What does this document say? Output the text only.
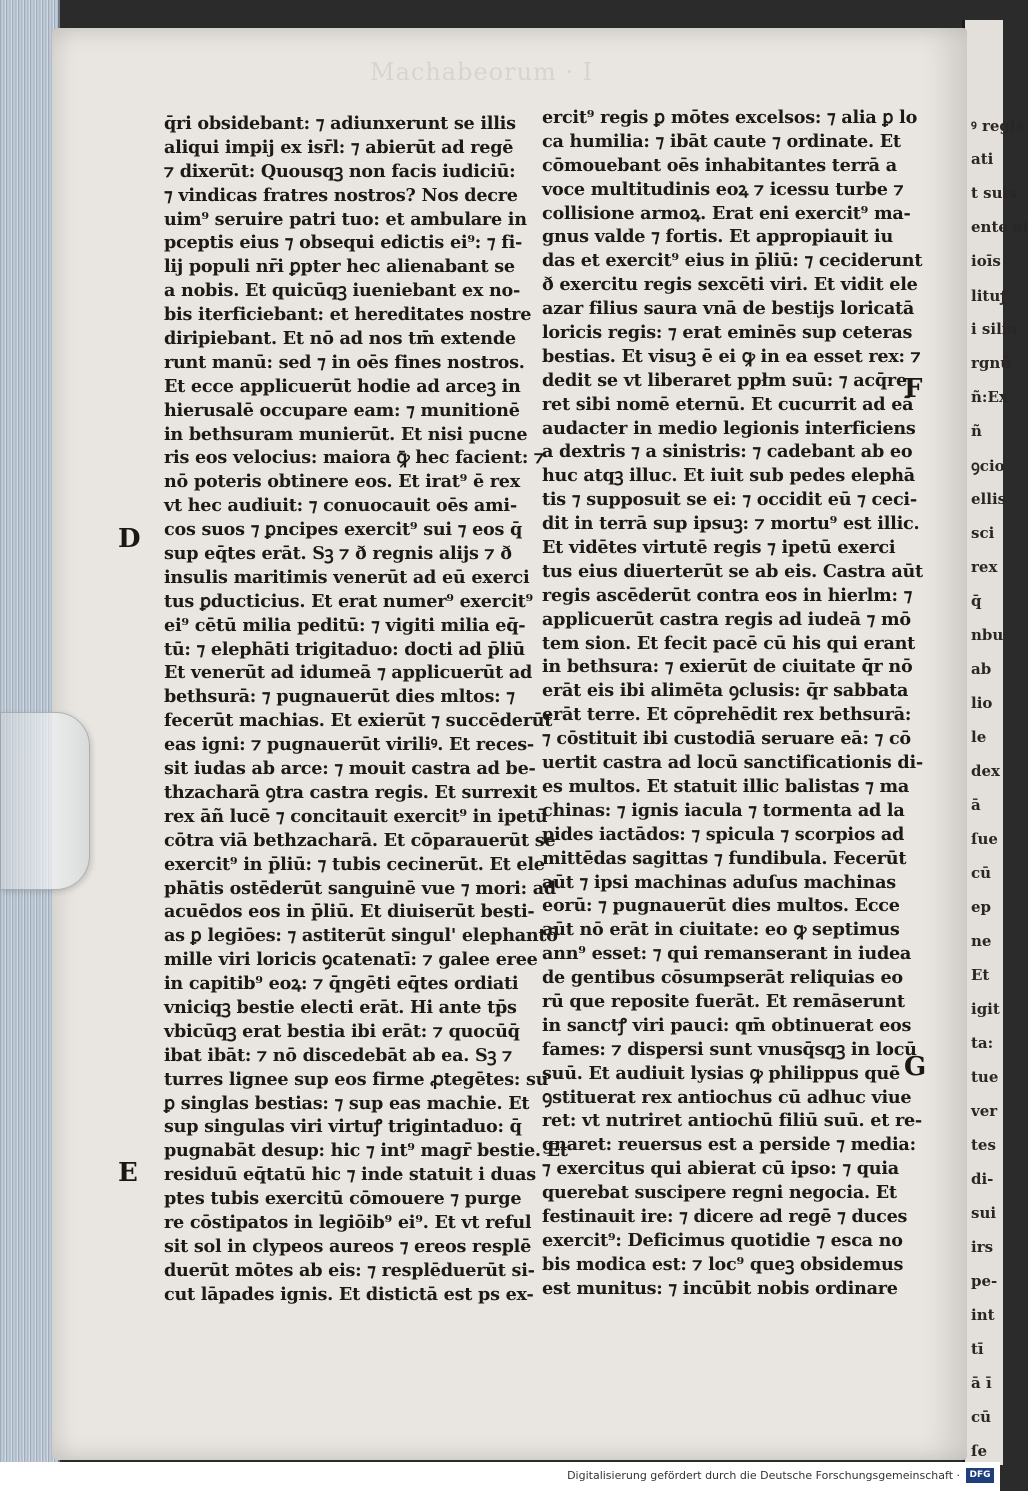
ꝰ regis
ati
t suis
ente ei
ioīs
lituꝭ
i silia
rgnū
ñ:Ex
ñ
ꝯcio
ellis
sci
rex
q̄
nbu
ab
lio
le
dex
ā
ſue
cū
ep
ne
Et
igit
ta:
tue
ver
tes
di-
sui
irs
pe-
int
tī
ā ī
cū
ſe
Machabeorum · I
q̄ri obsidebant: ⁊ adiunxerunt se illis
aliqui impij ex isr̄l: ⁊ abierūt ad regē
⁊ dixerūt: Quousqꝫ non facis iudiciū:
⁊ vindicas fratres nostros? Nos decre
uim⁹ seruire patri tuo: et ambulare in
pceptis eius ⁊ obsequi edictis ei⁹: ⁊ fi-
lij populi nr̄i ꝑpter hec alienabant se
a nobis. Et quicūqꝫ iueniebant ex no-
bis iterficiebant: et hereditates nostre
diripiebant. Et nō ad nos tm̄ extende
runt manū: sed ⁊ in oēs fines nostros.
Et ecce applicuerūt hodie ad arceꝫ in
hierusalē occupare eam: ⁊ munitionē
in bethsuram munierūt. Et nisi pucne
ris eos velocius: maiora ꝙ̄ hec facient: ⁊
nō poteris obtinere eos. Et irat⁹ ē rex
vt hec audiuit: ⁊ conuocauit oēs ami-
cos suos ⁊ ꝑncipes exercit⁹ sui ⁊ eos q̄
sup eq̄tes erāt. Sꝫ ⁊ ð regnis alijs ⁊ ð
insulis maritimis venerūt ad eū exerci
tus ꝑducticius. Et erat numer⁹ exercit⁹
ei⁹ cētū milia peditū: ⁊ vigiti milia eq̄-
tū: ⁊ elephāti trigitaduo: docti ad p̄liū
Et venerūt ad idumeā ⁊ applicuerūt ad
bethsurā: ⁊ pugnauerūt dies mltos: ⁊
fecerūt machias. Et exierūt ⁊ succēderūt
eas igni: ⁊ pugnauerūt viriliꝰ. Et reces-
sit iudas ab arce: ⁊ mouit castra ad be-
thzacharā ꝯtra castra regis. Et surrexit
rex āñ lucē ⁊ concitauit exercit⁹ in ipetū
cōtra viā bethzacharā. Et cōparauerūt se
exercit⁹ in p̄liū: ⁊ tubis cecinerūt. Et ele
phātis ostēderūt sanguinē vue ⁊ mori: ad
acuēdos eos in p̄liū. Et diuiserūt besti-
as ꝑ legiōes: ⁊ astiterūt singul' elephantō
mille viri loricis ꝯcatenatī: ⁊ galee eree
in capitib⁹ eoꝝ: ⁊ q̄ngēti eq̄tes ordiati
vniciqꝫ bestie electi erāt. Hi ante tp̄s
vbicūqꝫ erat bestia ibi erāt: ⁊ quocūq̄
ibat ibāt: ⁊ nō discedebāt ab ea. Sꝫ ⁊
turres lignee sup eos firme ꝓtegētes: su
ꝑ singlas bestias: ⁊ sup eas machie. Et
sup singulas viri virtuꝭ trigintaduo: q̄
pugnabāt desup: hic ⁊ int⁹ magr̄ bestie. Et
residuū eq̄tatū hic ⁊ inde statuit i duas
ptes tubis exercitū cōmouere ⁊ purge
re cōstipatos in legiōib⁹ ei⁹. Et vt reful
sit sol in clypeos aureos ⁊ ereos resplē
duerūt mōtes ab eis: ⁊ resplēduerūt si-
cut lāpades ignis. Et distictā est ps ex-
ercit⁹ regis ꝑ mōtes excelsos: ⁊ alia ꝑ lo
ca humilia: ⁊ ibāt caute ⁊ ordinate. Et
cōmouebant oēs inhabitantes terrā a
voce multitudinis eoꝝ ⁊ icessu turbe ⁊
collisione armoꝝ. Erat eni exercit⁹ ma-
gnus valde ⁊ fortis. Et appropiauit iu
das et exercit⁹ eius in p̄liū: ⁊ ceciderunt
ð exercitu regis sexcēti viri. Et vidit ele
azar filius saura vnā de bestijs loricatā
loricis regis: ⁊ erat eminēs sup ceteras
bestias. Et visuꝫ ē ei ꝙ in ea esset rex: ⁊
dedit se vt liberaret ppłm suū: ⁊ acq̄re
ret sibi nomē eternū. Et cucurrit ad eā
audacter in medio legionis interficiens
a dextris ⁊ a sinistris: ⁊ cadebant ab eo
huc atqꝫ illuc. Et iuit sub pedes elephā
tis ⁊ supposuit se ei: ⁊ occidit eū ⁊ ceci-
dit in terrā sup ipsuꝫ: ⁊ mortu⁹ est illic.
Et vidētes virtutē regis ⁊ ipetū exerci
tus eius diuerterūt se ab eis. Castra aūt
regis ascēderūt contra eos in hierlm: ⁊
applicuerūt castra regis ad iudeā ⁊ mō
tem sion. Et fecit pacē cū his qui erant
in bethsura: ⁊ exierūt de ciuitate q̄r nō
erāt eis ibi alimēta ꝯclusis: q̄r sabbata
erāt terre. Et cōprehēdit rex bethsurā:
⁊ cōstituit ibi custodiā seruare eā: ⁊ cō
uertit castra ad locū sanctificationis di-
es multos. Et statuit illic balistas ⁊ ma
chinas: ⁊ ignis iacula ⁊ tormenta ad la
pides iactādos: ⁊ spicula ⁊ scorpios ad
mittēdas sagittas ⁊ fundibula. Fecerūt
aūt ⁊ ipsi machinas aduſus machinas
eorū: ⁊ pugnauerūt dies multos. Ecce
aūt nō erāt in ciuitate: eo ꝙ septimus
ann⁹ esset: ⁊ qui remanserant in iudea
de gentibus cōsumpserāt reliquias eo
rū que reposite fuerāt. Et remāserunt
in sanctꝭ viri pauci: qm̄ obtinuerat eos
fames: ⁊ dispersi sunt vnusq̄sqꝫ in locū
suū. Et audiuit lysias ꝙ philippus quē
ꝯstituerat rex antiochus cū adhuc viue
ret: vt nutriret antiochū filiū suū. et re-
gnaret: reuersus est a perside ⁊ media:
⁊ exercitus qui abierat cū ipso: ⁊ quia
querebat suscipere regni negocia. Et
festinauit ire: ⁊ dicere ad regē ⁊ duces
exercit⁹: Deficimus quotidie ⁊ esca no
bis modica est: ⁊ loc⁹ queꝫ obsidemus
est munitus: ⁊ incūbit nobis ordinare
D
E
F
G
Digitalisierung gefördert durch die Deutsche Forschungsgemeinschaft ·	DFG
